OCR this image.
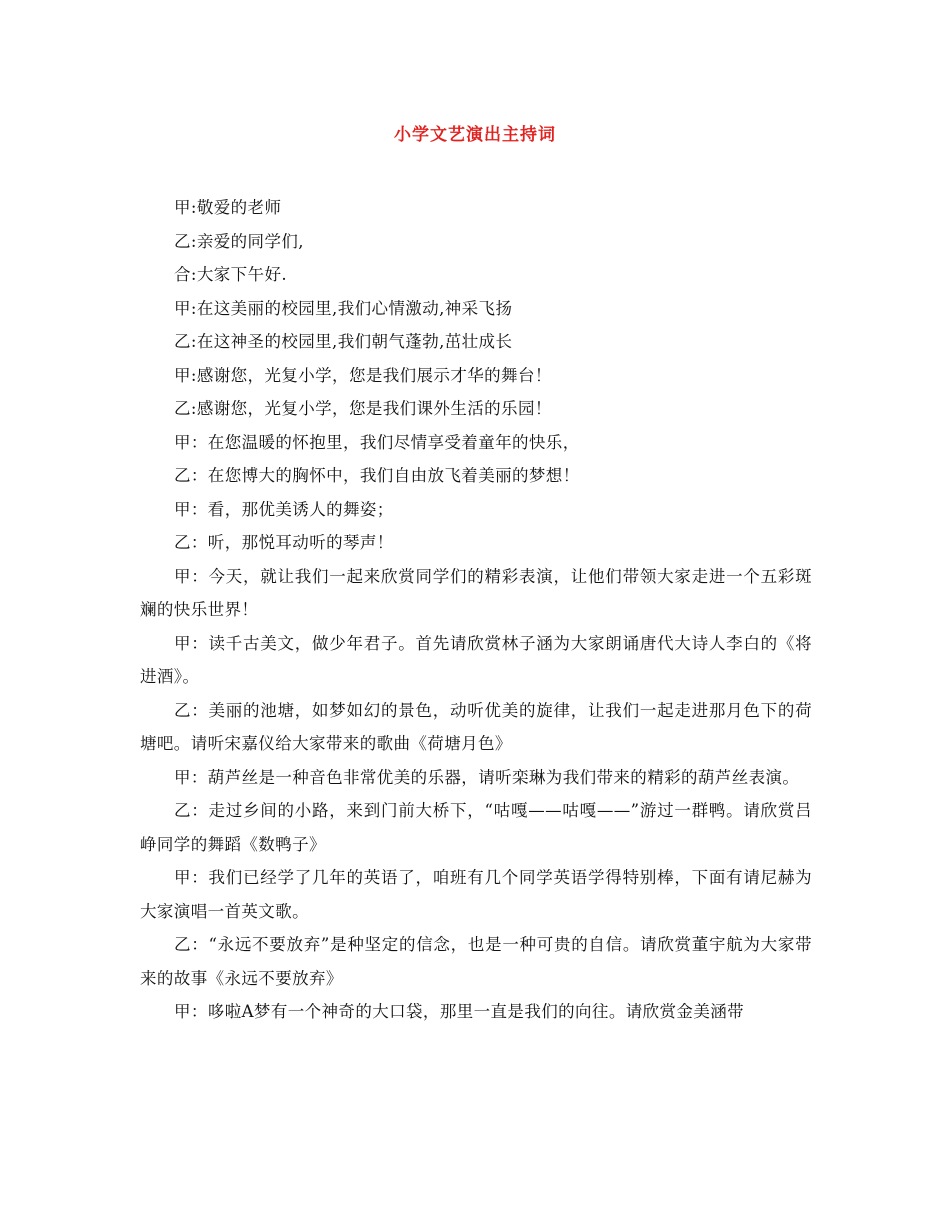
小学文艺演出主持词

甲:敬爱的老师

乙:亲爱的同学们,

合:大家下午好.

甲:在这美丽的校园里,我们心情激动,神采飞扬

乙:在这神圣的校园里,我们朝气蓬勃,茁壮成长

甲:感谢您，光复小学，您是我们展示才华的舞台！

乙:感谢您，光复小学，您是我们课外生活的乐园！

甲：在您温暖的怀抱里，我们尽情享受着童年的快乐，

乙：在您博大的胸怀中，我们自由放飞着美丽的梦想！

甲：看，那优美诱人的舞姿；

乙：听，那悦耳动听的琴声！

甲：今天，就让我们一起来欣赏同学们的精彩表演，让他们带领大家走进一个五彩斑斓的快乐世界！

甲：读千古美文，做少年君子。首先请欣赏林子涵为大家朗诵唐代大诗人李白的《将进酒》。

乙：美丽的池塘，如梦如幻的景色，动听优美的旋律，让我们一起走进那月色下的荷塘吧。请听宋嘉仪给大家带来的歌曲《荷塘月色》

甲：葫芦丝是一种音色非常优美的乐器，请听栾琳为我们带来的精彩的葫芦丝表演。

乙：走过乡间的小路，来到门前大桥下，“咕嘎——咕嘎——”游过一群鸭。请欣赏吕峥同学的舞蹈《数鸭子》

甲：我们已经学了几年的英语了，咱班有几个同学英语学得特别棒，下面有请尼赫为大家演唱一首英文歌。

乙：“永远不要放弃”是种坚定的信念，也是一种可贵的自信。请欣赏董宇航为大家带来的故事《永远不要放弃》

甲：哆啦A梦有一个神奇的大口袋，那里一直是我们的向往。请欣赏金美涵带
